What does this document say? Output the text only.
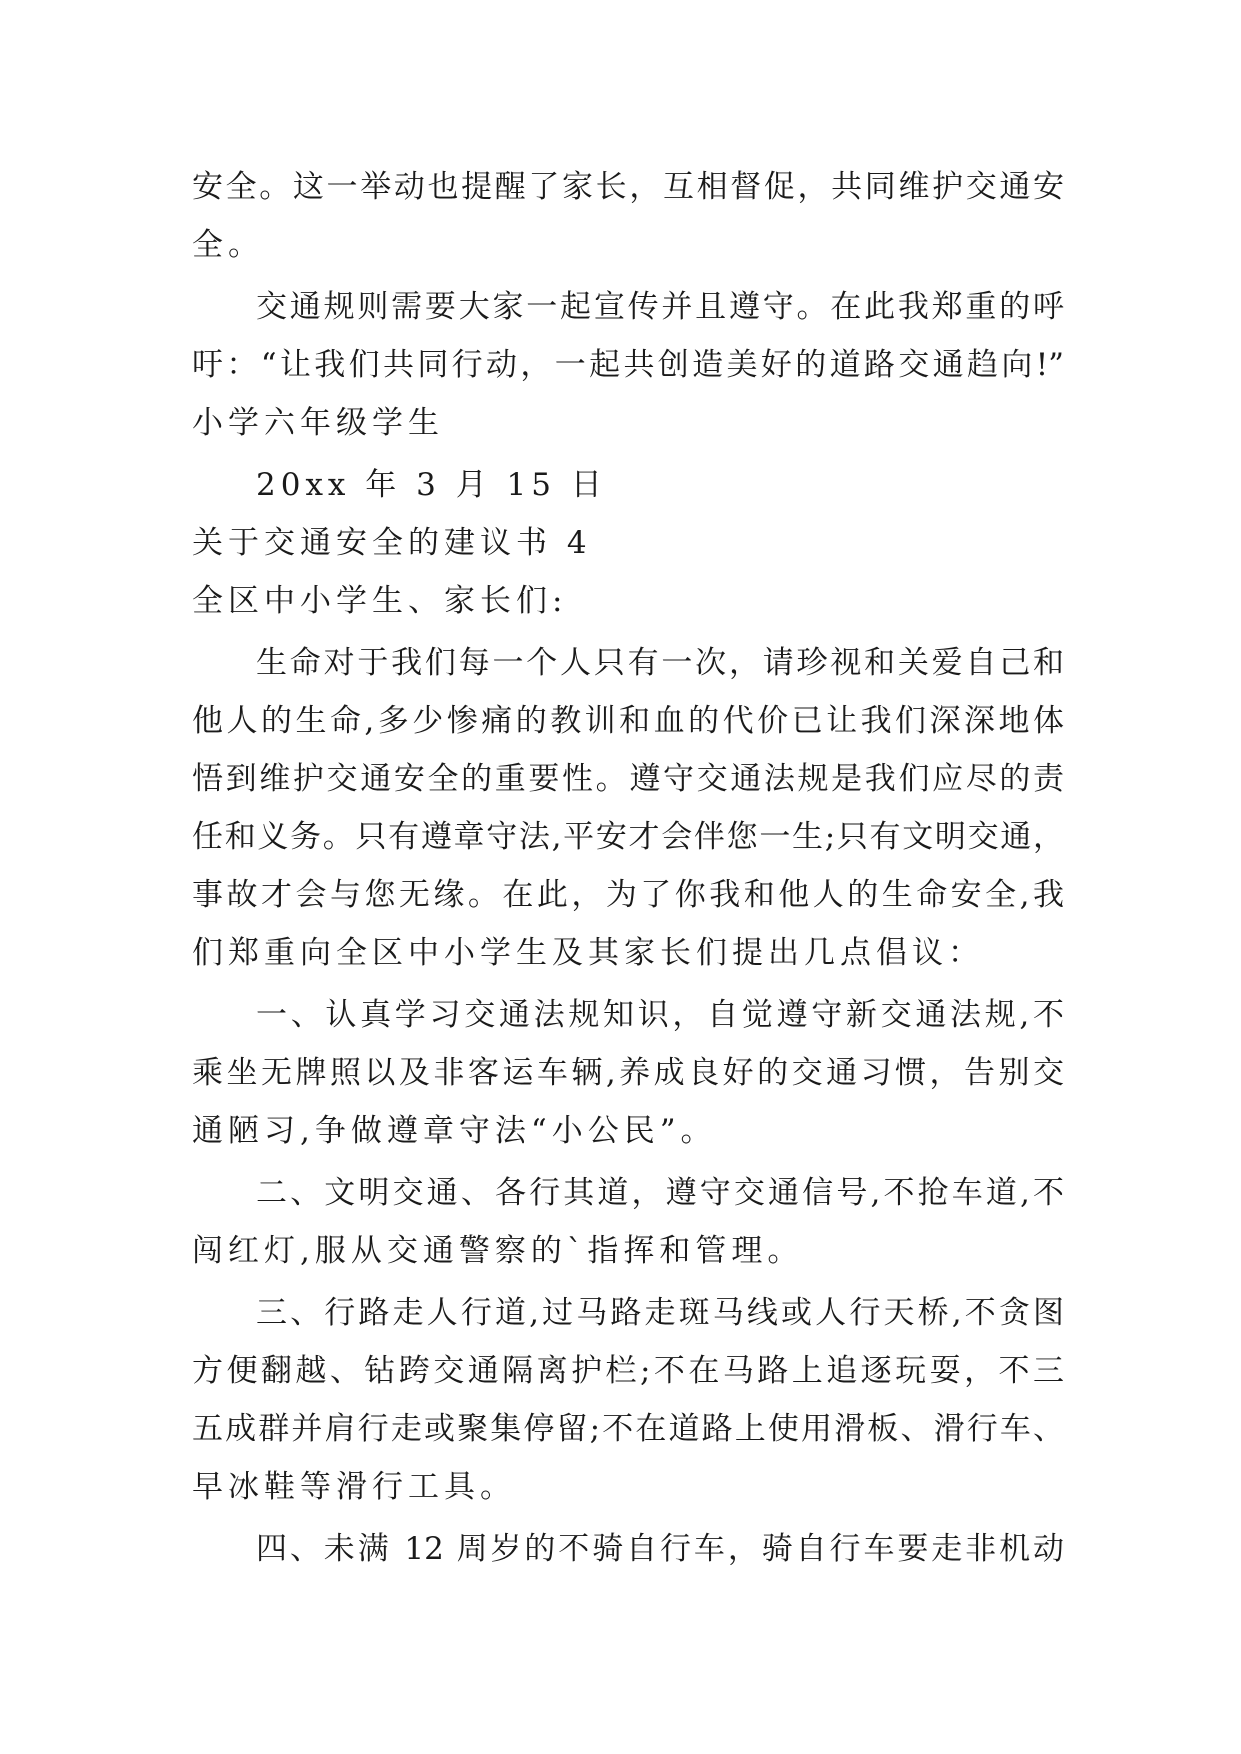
安全。这一举动也提醒了家长，互相督促，共同维护交通安
全。
交通规则需要大家一起宣传并且遵守。在此我郑重的呼
吁：“让我们共同行动，一起共创造美好的道路交通趋向!”
小学六年级学生
20xx 年 3 月 15 日
关于交通安全的建议书 4
全区中小学生、家长们:
生命对于我们每一个人只有一次，请珍视和关爱自己和
他人的生命,多少惨痛的教训和血的代价已让我们深深地体
悟到维护交通安全的重要性。遵守交通法规是我们应尽的责
任和义务。只有遵章守法,平安才会伴您一生;只有文明交通，
事故才会与您无缘。在此，为了你我和他人的生命安全,我
们郑重向全区中小学生及其家长们提出几点倡议：
一、认真学习交通法规知识，自觉遵守新交通法规,不
乘坐无牌照以及非客运车辆,养成良好的交通习惯，告别交
通陋习,争做遵章守法“小公民”。
二、文明交通、各行其道，遵守交通信号,不抢车道,不
闯红灯,服从交通警察的`指挥和管理。
三、行路走人行道,过马路走斑马线或人行天桥,不贪图
方便翻越、钻跨交通隔离护栏;不在马路上追逐玩耍，不三
五成群并肩行走或聚集停留;不在道路上使用滑板、滑行车、
早冰鞋等滑行工具。
四、未满 12 周岁的不骑自行车，骑自行车要走非机动
